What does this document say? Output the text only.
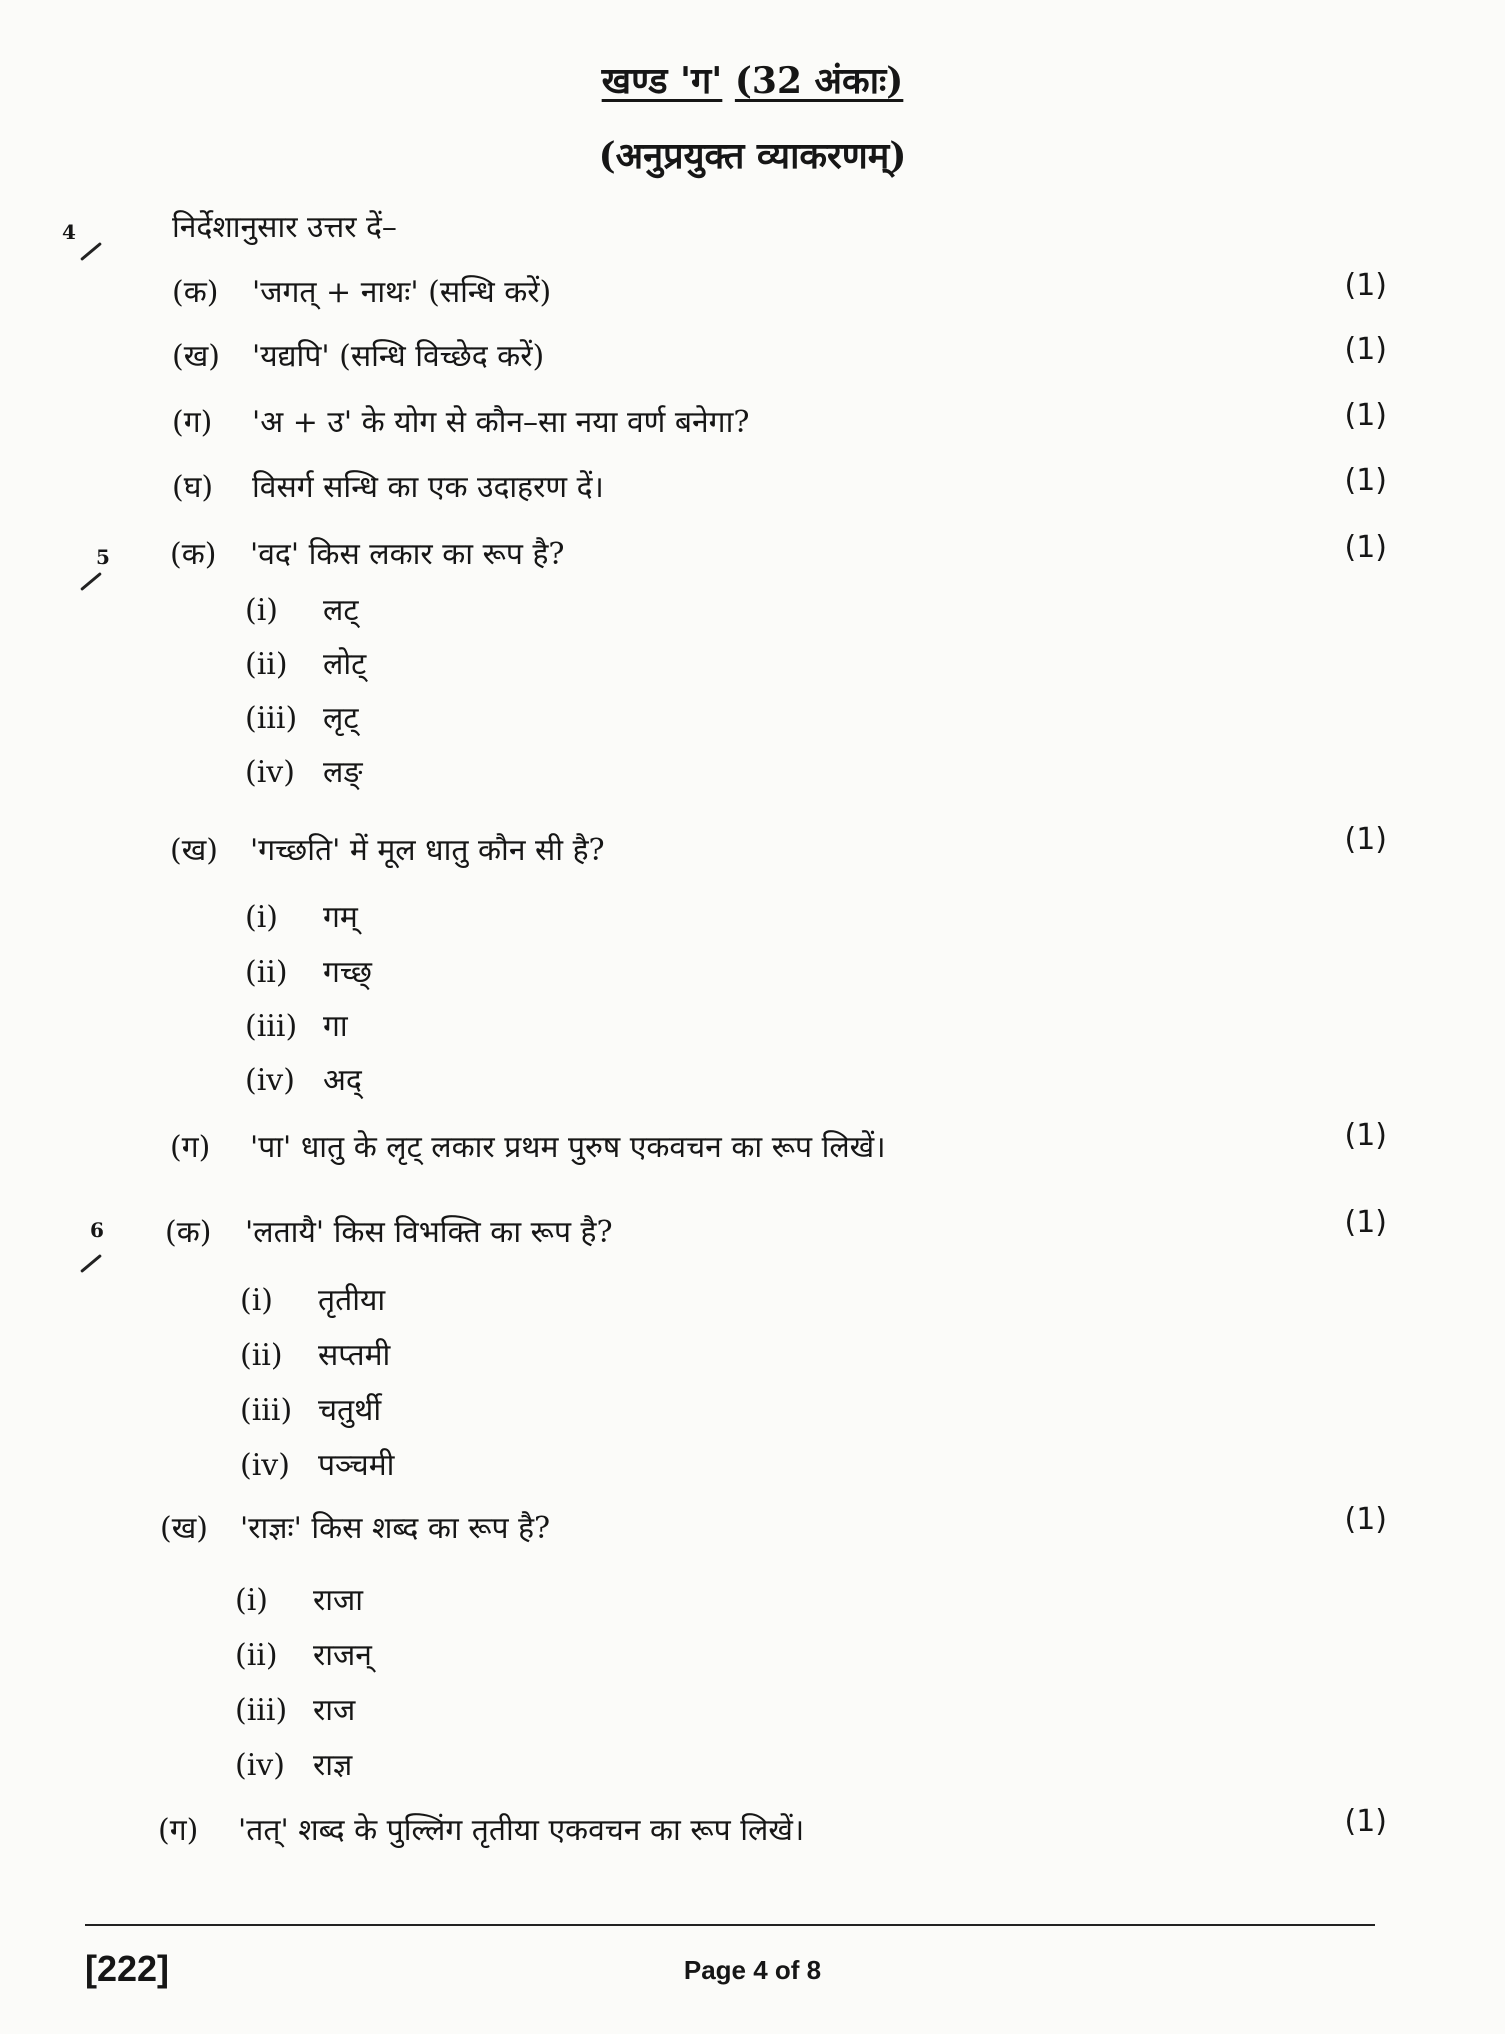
खण्ड 'ग' (32 अंकाः)
(अनुप्रयुक्त व्याकरणम्)
4	निर्देशानुसार उत्तर दें–
(क) 'जगत् + नाथः' (सन्धि करें)	(1)
(ख) 'यद्यपि' (सन्धि विच्छेद करें)	(1)
(ग) 'अ + उ' के योग से कौन–सा नया वर्ण बनेगा?	(1)
(घ) विसर्ग सन्धि का एक उदाहरण दें।	(1)
5 (क) 'वद' किस लकार का रूप है?	(1)
(i) लट्
(ii) लोट्
(iii) लृट्
(iv) लङ्
(ख) 'गच्छति' में मूल धातु कौन सी है?	(1)
(i) गम्
(ii) गच्छ्
(iii) गा
(iv) अद्
(ग) 'पा' धातु के लृट् लकार प्रथम पुरुष एकवचन का रूप लिखें।	(1)
6 (क) 'लतायै' किस विभक्ति का रूप है?	(1)
(i) तृतीया
(ii) सप्तमी
(iii) चतुर्थी
(iv) पञ्चमी
(ख) 'राज्ञः' किस शब्द का रूप है?	(1)
(i) राजा
(ii) राजन्
(iii) राज
(iv) राज्ञ
(ग) 'तत्' शब्द के पुल्लिंग तृतीया एकवचन का रूप लिखें।	(1)
[222]	Page 4 of 8
